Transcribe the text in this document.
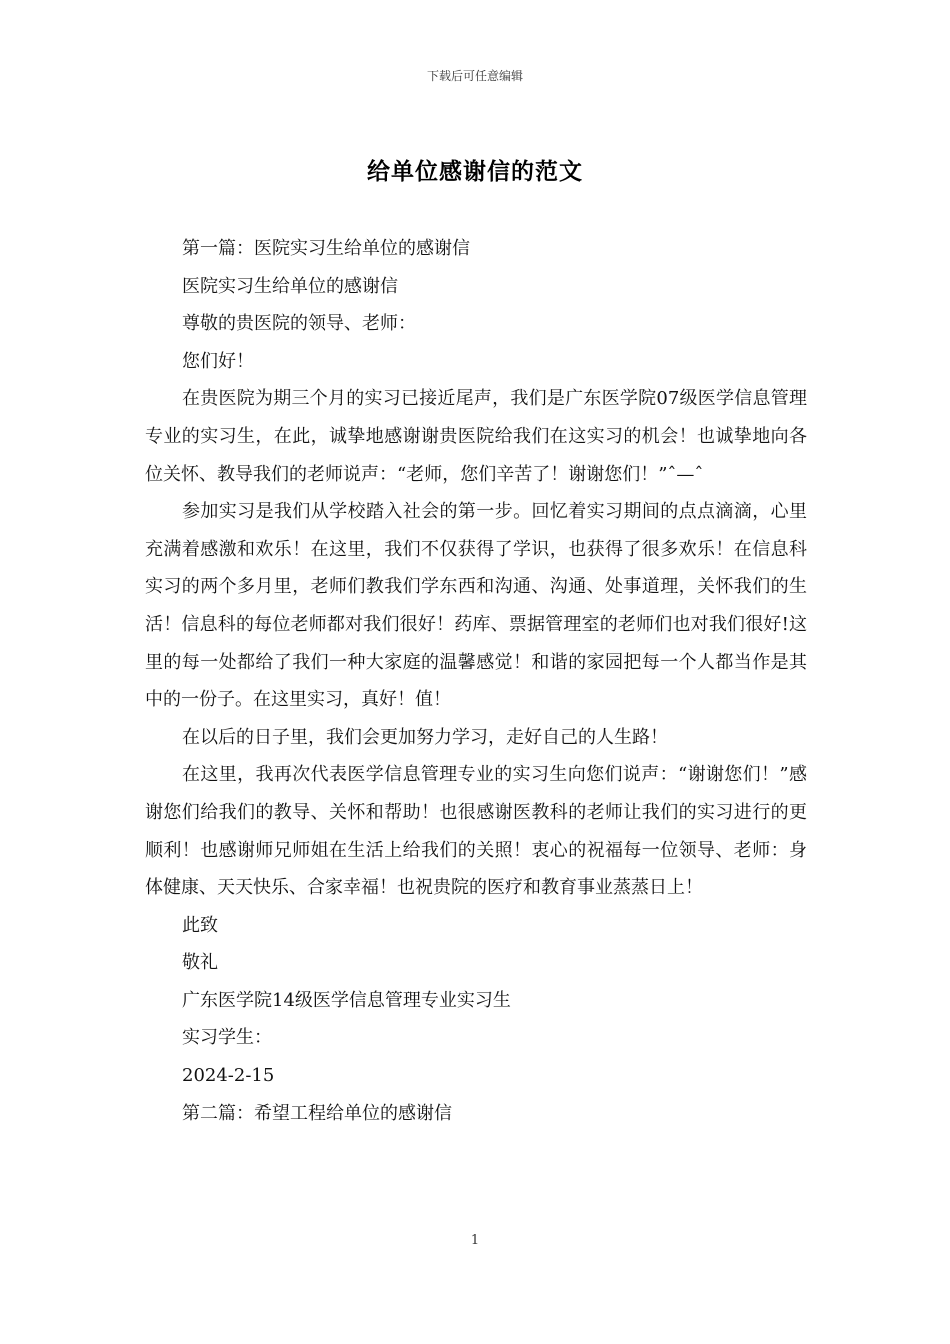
下载后可任意编辑
给单位感谢信的范文

第一篇：医院实习生给单位的感谢信

医院实习生给单位的感谢信

尊敬的贵医院的领导、老师：

您们好！

在贵医院为期三个月的实习已接近尾声，我们是广东医学院07级医学信息管理专业的实习生，在此，诚挚地感谢谢贵医院给我们在这实习的机会！也诚挚地向各位关怀、教导我们的老师说声：“老师，您们辛苦了！谢谢您们！”ˆ—ˆ

参加实习是我们从学校踏入社会的第一步。回忆着实习期间的点点滴滴，心里充满着感激和欢乐！在这里，我们不仅获得了学识，也获得了很多欢乐！在信息科实习的两个多月里，老师们教我们学东西和沟通、沟通、处事道理，关怀我们的生活！信息科的每位老师都对我们很好！药库、票据管理室的老师们也对我们很好!这里的每一处都给了我们一种大家庭的温馨感觉！和谐的家园把每一个人都当作是其中的一份子。在这里实习，真好！值！

在以后的日子里，我们会更加努力学习，走好自己的人生路！

在这里，我再次代表医学信息管理专业的实习生向您们说声：“谢谢您们！”感谢您们给我们的教导、关怀和帮助！也很感谢医教科的老师让我们的实习进行的更顺利！也感谢师兄师姐在生活上给我们的关照！衷心的祝福每一位领导、老师：身体健康、天天快乐、合家幸福！也祝贵院的医疗和教育事业蒸蒸日上！

此致

敬礼

广东医学院14级医学信息管理专业实习生

实习学生：

2024-2-15

第二篇：希望工程给单位的感谢信

1
